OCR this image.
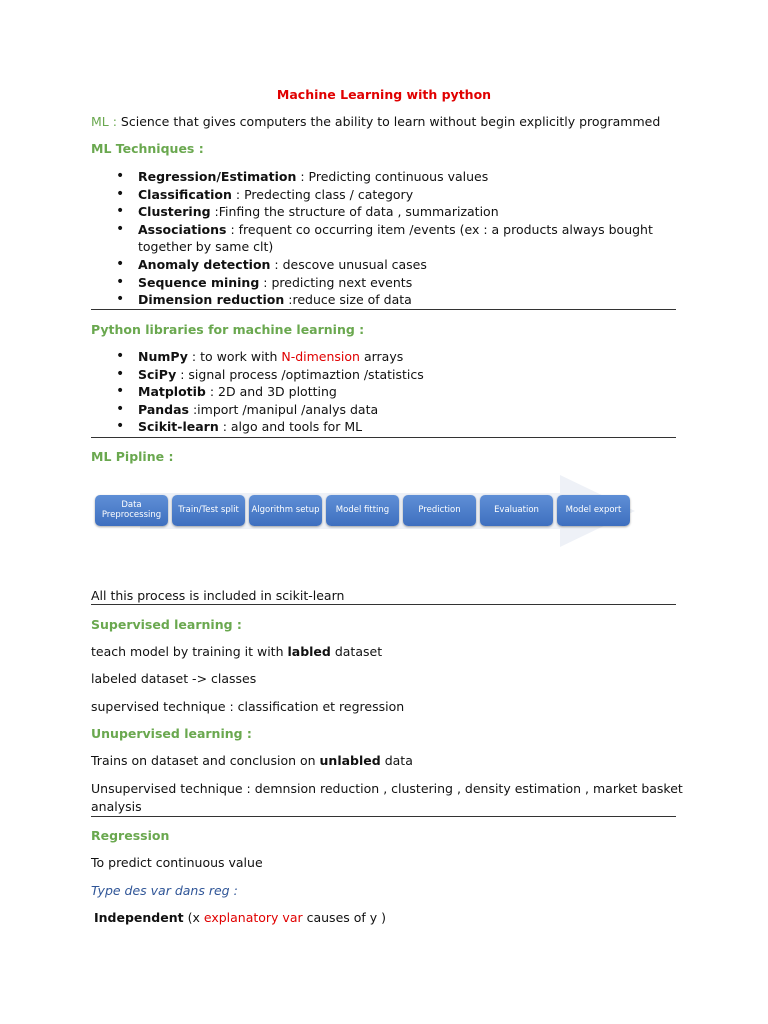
Machine Learning with python
ML : Science that gives computers the ability to learn without begin explicitly programmed
ML Techniques :
• Regression/Estimation : Predicting continuous values
• Classification : Predecting class / category
• Clustering :Finfing the structure of data , summarization
• Associations : frequent co occurring item /events (ex : a products always bought together by same clt)
• Anomaly detection : descove unusual cases
• Sequence mining : predicting next events
• Dimension reduction :reduce size of data
Python libraries for machine learning :
• NumPy : to work with N-dimension arrays
• SciPy : signal process /optimaztion /statistics
• Matplotib : 2D and 3D plotting
• Pandas :import /manipul /analys data
• Scikit-learn : algo and tools for ML
ML Pipline :
Data Preprocessing	Train/Test split	Algorithm setup	Model fitting	Prediction	Evaluation	Model export
All this process is included in scikit-learn
Supervised learning :
teach model by training it with labled dataset
labeled dataset -> classes
supervised technique : classification et regression
Unupervised learning :
Trains on dataset and conclusion on unlabled data
Unsupervised technique : demnsion reduction , clustering , density estimation , market basket
analysis
Regression
To predict continuous value
Type des var dans reg :
Independent (x explanatory var causes of y )
